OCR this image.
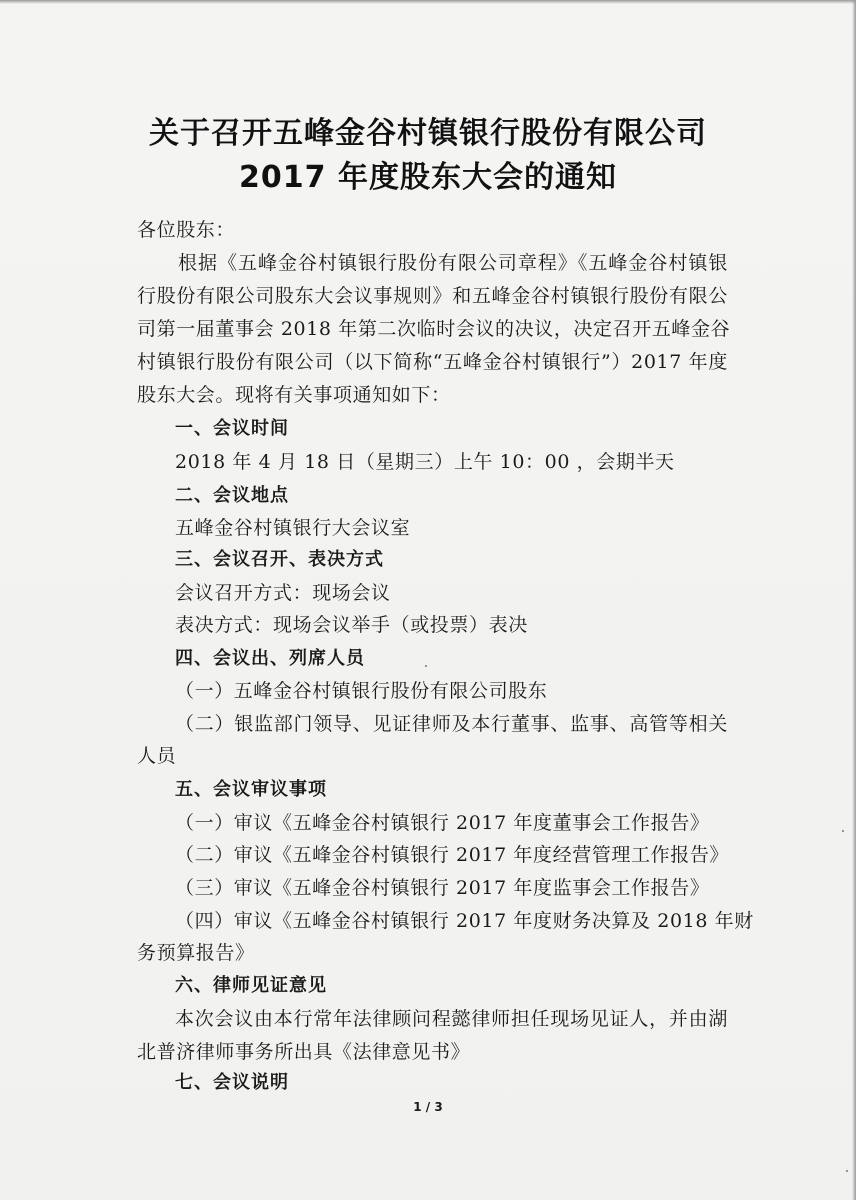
关于召开五峰金谷村镇银行股份有限公司
2017 年度股东大会的通知
各位股东：
根据《五峰金谷村镇银行股份有限公司章程》《五峰金谷村镇银
行股份有限公司股东大会议事规则》和五峰金谷村镇银行股份有限公
司第一届董事会 2018 年第二次临时会议的决议，决定召开五峰金谷
村镇银行股份有限公司（以下简称“五峰金谷村镇银行”）2017 年度
股东大会。现将有关事项通知如下：
一、会议时间
2018 年 4 月 18 日（星期三）上午 10：00 ，会期半天
二、会议地点
五峰金谷村镇银行大会议室
三、会议召开、表决方式
会议召开方式：现场会议
表决方式：现场会议举手（或投票）表决
四、会议出、列席人员
（一）五峰金谷村镇银行股份有限公司股东
（二）银监部门领导、见证律师及本行董事、监事、高管等相关
人员
五、会议审议事项
（一）审议《五峰金谷村镇银行 2017 年度董事会工作报告》
（二）审议《五峰金谷村镇银行 2017 年度经营管理工作报告》
（三）审议《五峰金谷村镇银行 2017 年度监事会工作报告》
（四）审议《五峰金谷村镇银行 2017 年度财务决算及 2018 年财
务预算报告》
六、律师见证意见
本次会议由本行常年法律顾问程懿律师担任现场见证人，并由湖
北普济律师事务所出具《法律意见书》
七、会议说明
1 / 3
